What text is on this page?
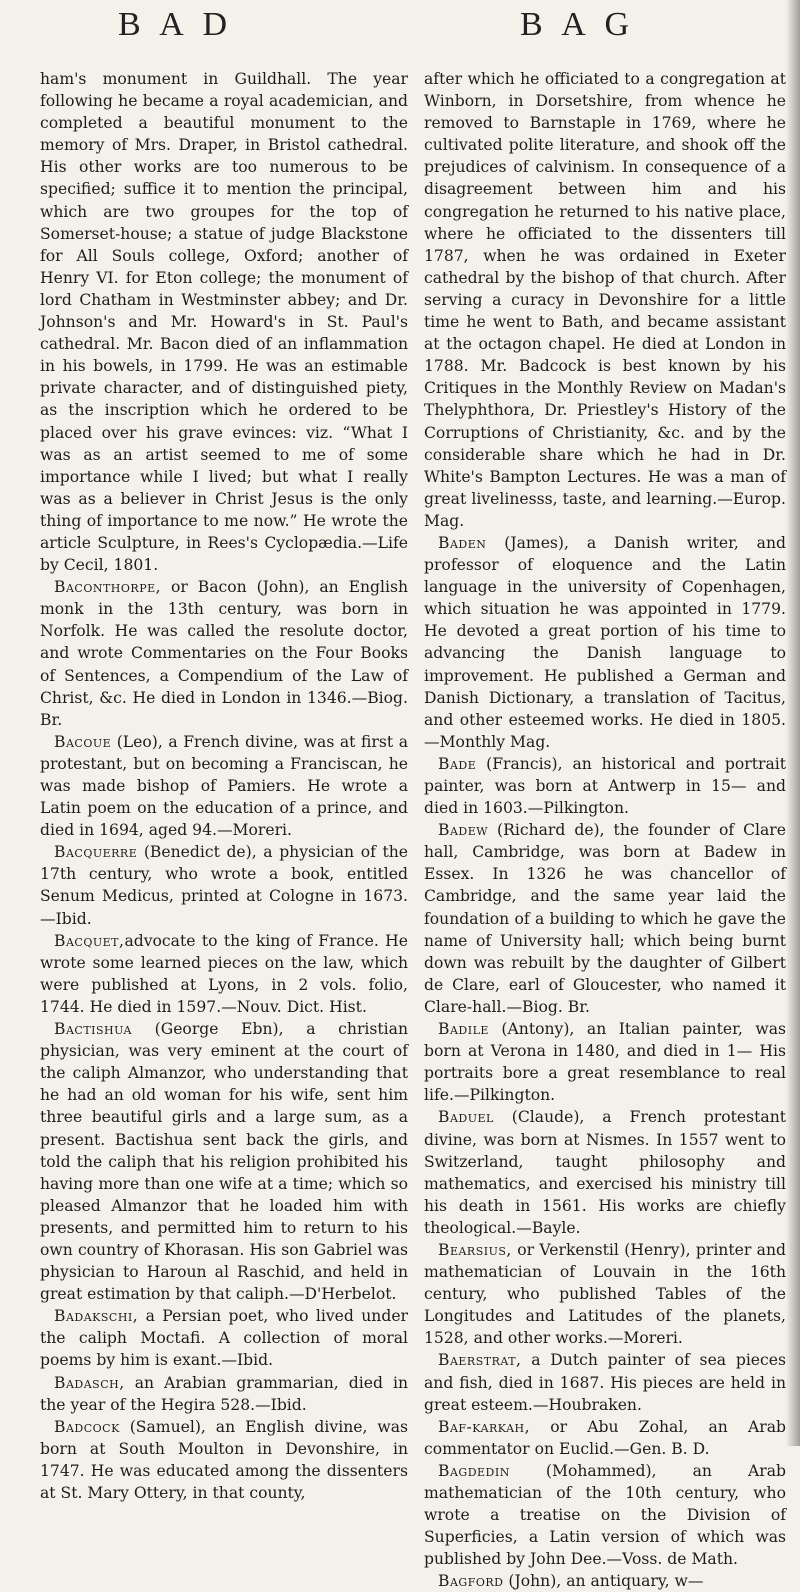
B A D	B A G

ham's monument in Guildhall. The year following he became a royal academician, and completed a beautiful monument to the memory of Mrs. Draper, in Bristol cathedral. His other works are too numerous to be specified; suffice it to mention the principal, which are two groupes for the top of Somerset-house; a statue of judge Blackstone for All Souls college, Oxford; another of Henry VI. for Eton college; the monument of lord Chatham in Westminster abbey; and Dr. Johnson's and Mr. Howard's in St. Paul's cathedral. Mr. Bacon died of an inflammation in his bowels, in 1799. He was an estimable private character, and of distinguished piety, as the inscription which he ordered to be placed over his grave evinces: viz. “What I was as an artist seemed to me of some importance while I lived; but what I really was as a believer in Christ Jesus is the only thing of importance to me now.” He wrote the article Sculpture, in Rees's Cyclopædia.—Life by Cecil, 1801.

Baconthorpe, or Bacon (John), an English monk in the 13th century, was born in Norfolk. He was called the resolute doctor, and wrote Commentaries on the Four Books of Sentences, a Compendium of the Law of Christ, &c. He died in London in 1346.—Biog. Br.

Bacoue (Leo), a French divine, was at first a protestant, but on becoming a Franciscan, he was made bishop of Pamiers. He wrote a Latin poem on the education of a prince, and died in 1694, aged 94.—Moreri.

Bacquerre (Benedict de), a physician of the 17th century, who wrote a book, entitled Senum Medicus, printed at Cologne in 1673.—Ibid.

Bacquet,advocate to the king of France. He wrote some learned pieces on the law, which were published at Lyons, in 2 vols. folio, 1744. He died in 1597.—Nouv. Dict. Hist.

Bactishua (George Ebn), a christian physician, was very eminent at the court of the caliph Almanzor, who understanding that he had an old woman for his wife, sent him three beautiful girls and a large sum, as a present. Bactishua sent back the girls, and told the caliph that his religion prohibited his having more than one wife at a time; which so pleased Almanzor that he loaded him with presents, and permitted him to return to his own country of Khorasan. His son Gabriel was physician to Haroun al Raschid, and held in great estimation by that caliph.—D'Herbelot.

Badakschi, a Persian poet, who lived under the caliph Moctafi. A collection of moral poems by him is exant.—Ibid.

Badasch, an Arabian grammarian, died in the year of the Hegira 528.—Ibid.

Badcock (Samuel), an English divine, was born at South Moulton in Devonshire, in 1747. He was educated among the dissenters at St. Mary Ottery, in that county,

after which he officiated to a congregation at Winborn, in Dorsetshire, from whence he removed to Barnstaple in 1769, where he cultivated polite literature, and shook off the prejudices of calvinism. In consequence of a disagreement between him and his congregation he returned to his native place, where he officiated to the dissenters till 1787, when he was ordained in Exeter cathedral by the bishop of that church. After serving a curacy in Devonshire for a little time he went to Bath, and became assistant at the octagon chapel. He died at London in 1788. Mr. Badcock is best known by his Critiques in the Monthly Review on Madan's Thelyphthora, Dr. Priestley's History of the Corruptions of Christianity, &c. and by the considerable share which he had in Dr. White's Bampton Lectures. He was a man of great livelinesss, taste, and learning.—Europ. Mag.

Baden (James), a Danish writer, and professor of eloquence and the Latin language in the university of Copenhagen, which situation he was appointed in 1779. He devoted a great portion of his time to advancing the Danish language to improvement. He published a German and Danish Dictionary, a translation of Tacitus, and other esteemed works. He died in 1805.—Monthly Mag.

Bade (Francis), an historical and portrait painter, was born at Antwerp in 15— and died in 1603.—Pilkington.

Badew (Richard de), the founder of Clare hall, Cambridge, was born at Badew in Essex. In 1326 he was chancellor of Cambridge, and the same year laid the foundation of a building to which he gave the name of University hall; which being burnt down was rebuilt by the daughter of Gilbert de Clare, earl of Gloucester, who named it Clare-hall.—Biog. Br.

Badile (Antony), an Italian painter, was born at Verona in 1480, and died in 1— His portraits bore a great resemblance to real life.—Pilkington.

Baduel (Claude), a French protestant divine, was born at Nismes. In 1557 went to Switzerland, taught philosophy and mathematics, and exercised his ministry till his death in 1561. His works are chiefly theological.—Bayle.

Bearsius, or Verkenstil (Henry), printer and mathematician of Louvain in the 16th century, who published Tables of the Longitudes and Latitudes of the planets, 1528, and other works.—Moreri.

Baerstrat, a Dutch painter of sea pieces and fish, died in 1687. His pieces are held in great esteem.—Houbraken.

Baf-karkah, or Abu Zohal, an Arab commentator on Euclid.—Gen. B. D.

Bagdedin (Mohammed), an Arab mathematician of the 10th century, who wrote a treatise on the Division of Superficies, a Latin version of which was published by John Dee.—Voss. de Math.

Bagford (John), an antiquary, w—
